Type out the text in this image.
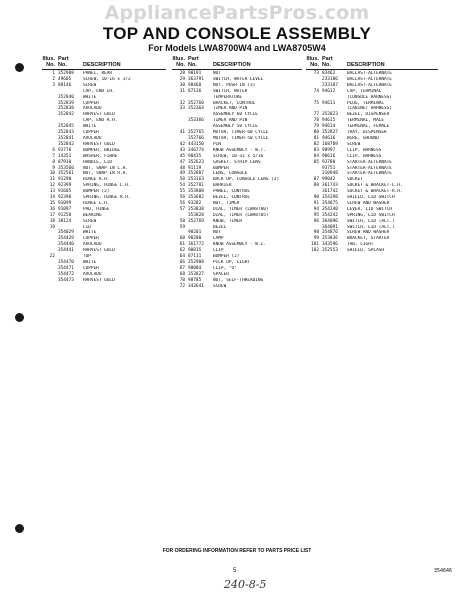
AppliancePartsPros.com
TOP AND CONSOLE ASSEMBLY
For Models LWA8700W4 and LWA8705W4
Illus. Part
No. No.	DESCRIPTION
1 352988	PANEL, REAR
2 49605	SCREW, 10-16 x 1/2
3 88146	SCREW
CAP, END LH.
352840	WHITE
352839	COPPER
352838	AVOCADO
352842	HARVEST GOLD
CAP, END R.H.
352845	WHITE
352843	COPPER
352841	AVOCADO
352842	HARVEST GOLD
6 93770	BUMPER, BRIDGE
7 14351	WASHER, FIBRE
8 87910	HANDLE, LID
9 353560	NUT, SNAP IN L.H.
10 352561	NUT, SNAP IN R.H.
11 91290	HINGE R.H.
12 92399	SPRING, HINGE L.H.
13 91605	BUMPER (2)
14 92398	SPRING, HINGE R.H.
15 91099	HINGE L.H.
16 91097	PAD, HINGE
17 91258	BEARING
18 38124	SCREW
19	LID
354029	WHITE
354429	COPPER
354440	AVOCADO
354441	HARVEST GOLD
22	TOP
354470	WHITE
354471	COPPER
354472	AVOCADO
354473	HARVEST GOLD
Illus. Part
No. No.	DESCRIPTION
28 98191	NUT
29 363791	SWITCH, WATER LEVEL
30 98460	NUT, PUSH IN (3)
31 87136	SWITCH, WATER
TEMPERATURE
32 352760	BRACKET, CONTROL
33 352364	TIMER AND PIN
ASSEMBLY 60 CYCLE
353366	TIMER AND PIN
ASSEMBLY 50 CYCLE
41 352765	MOTOR, TIMER-60 CYCLE
352766	MOTOR, TIMER-50 CYCLE
42 443150	PIN
43 346774	KNOB ASSEMBLY - W.T.
45 90435	SCREW, 10-32 x 5/16
47 352623	GASKET, STRIP LENS
48 91119	BUMPER
49 352887	LENS, CONSOLE
50 353163	BACK UP, CONSOLE LENS (2)
54 352781	BARRIER
55 353808	PANEL, CONTROL
56 353602	BEZEL, CONTROL
56 93282	NUT, TIMER
57 353838	DIAL, TIMER (LWA8700)
353828	DIAL, TIMER (LWA8705)
58 352769	KNOB, TIMER
59	BEZEL
98201	NUT
60 98200	LAMP
61 361772	KNOB ASSEMBLY - W.L.
62 90015	CLIP
64 87111	BUMPER (2)
66 352908	PICK UP, LIGHT
67 98084	CLIP, "U"
68 353827	SPACER
70 98785	NUT, SELF-THREADING
72 343641	SCREW
Illus. Part
No. No.	DESCRIPTION
73 83462	BALLAST-ALTERNATE
233186	BALLAST-ALTERNATE
233187	BALLAST-ALTERNATE
74 94612	CAP, TERMINAL
(CONSOLE HARNESS)
75 94611	PLUG, TERMINAL
(CABINET HARNESS)
77 352823	BEZEL, DISPENSER
78 94615	TERMINAL, MALE
79 94614	TERMINAL, FEMALE
80 352827	TRAY, DISPENSER
81 94616	WIRE, GROUND
82 168709	SCREW
83 98997	CLIP, HARNESS
84 90616	CLIP, HARNESS
85 93780	STARTER-ALTERNATE
93751	STARTER-ALTERNATE
310948	STARTER-ALTERNATE
87 99042	SOCKET
88 361743	SOCKET & BRACKET-L.H.
361742	SOCKET & BRACKET-R.H.
90 354398	SHIELD, LID SWITCH
91 354875	SCREW AND WASHER
94 354240	LEVER, LID SWITCH
95 354242	SPRING, LID SWITCH
96 364096	SWITCH, LID (ALT.)
364091	SWITCH, LID (ALT.)
98 354876	SCREW AND WASHER
99 353836	BRACKET, STARTER
101 343596	TAB, LIGHT
102 352553	SHIELD, SPLASH
FOR ORDERING INFORMATION REFER TO PARTS PRICE LIST
5	354646
240-8-5
